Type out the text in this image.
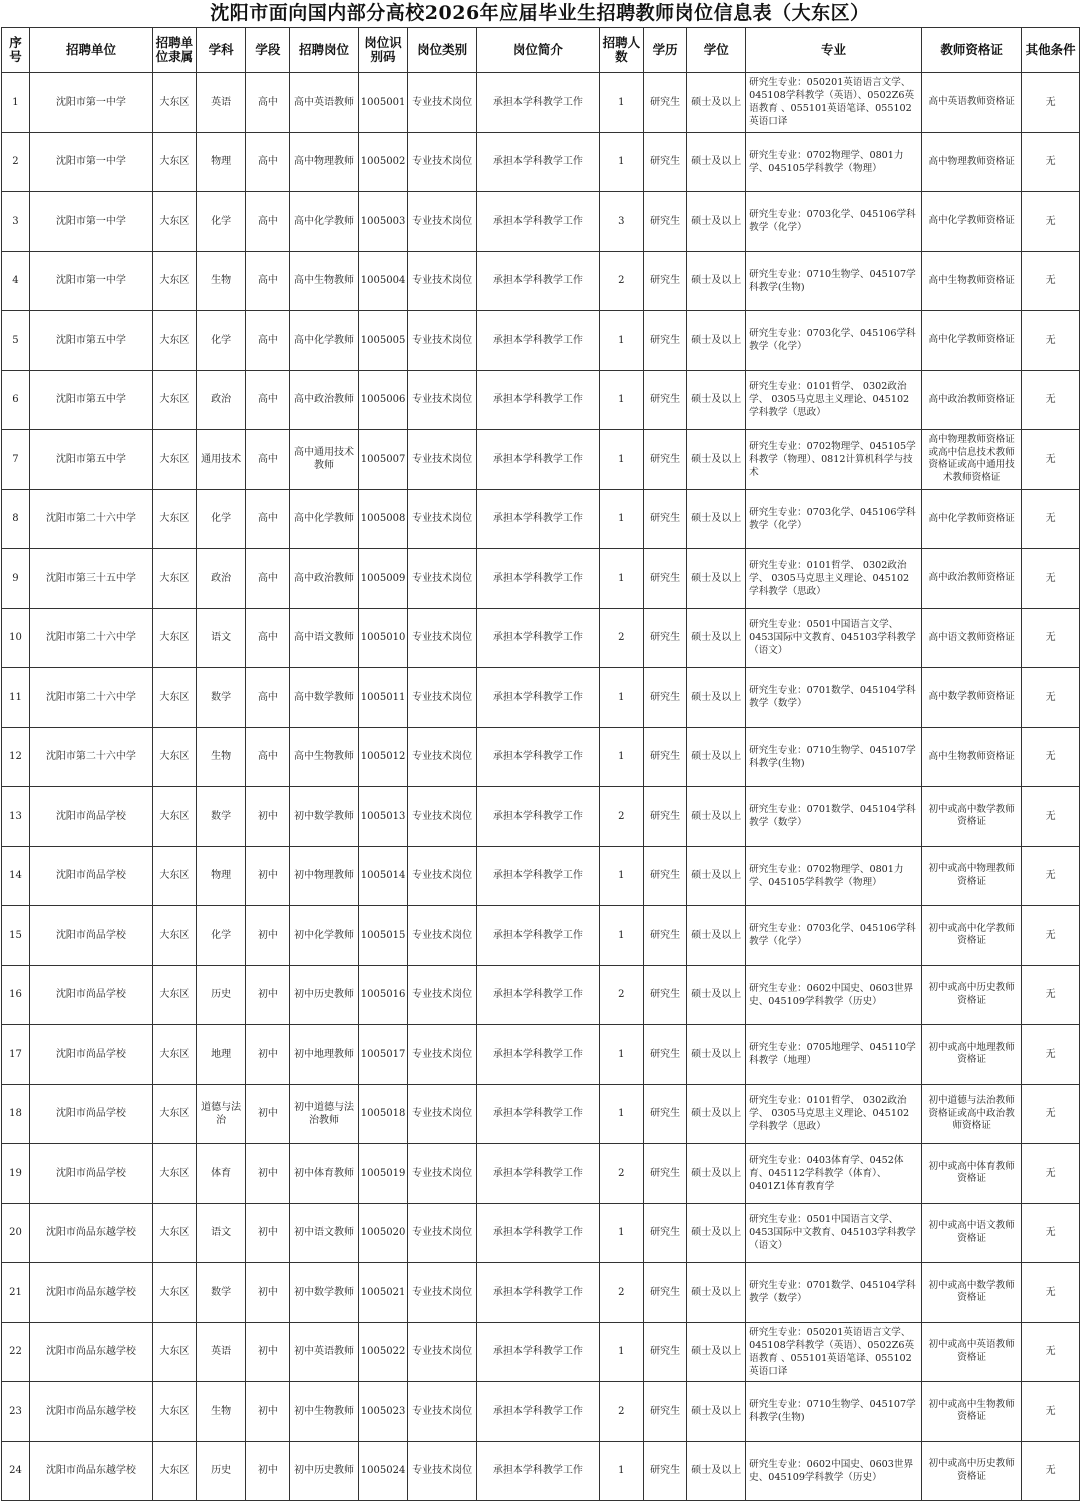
沈阳市面向国内部分高校2026年应届毕业生招聘教师岗位信息表（大东区）
序号	招聘单位	招聘单位隶属	学科	学段	招聘岗位	岗位识别码	岗位类别	岗位简介	招聘人数	学历	学位	专业	教师资格证	其他条件
1	沈阳市第一中学	大东区	英语	高中	高中英语教师	1005001	专业技术岗位	承担本学科教学工作	1	研究生	硕士及以上	研究生专业：050201英语语言文学、045108学科教学（英语）、0502Z6英语教育 、055101英语笔译、055102英语口译	高中英语教师资格证	无
2	沈阳市第一中学	大东区	物理	高中	高中物理教师	1005002	专业技术岗位	承担本学科教学工作	1	研究生	硕士及以上	研究生专业：0702物理学、0801力学、045105学科教学（物理）	高中物理教师资格证	无
3	沈阳市第一中学	大东区	化学	高中	高中化学教师	1005003	专业技术岗位	承担本学科教学工作	3	研究生	硕士及以上	研究生专业：0703化学、045106学科教学（化学）	高中化学教师资格证	无
4	沈阳市第一中学	大东区	生物	高中	高中生物教师	1005004	专业技术岗位	承担本学科教学工作	2	研究生	硕士及以上	研究生专业：0710生物学、045107学科教学(生物)	高中生物教师资格证	无
5	沈阳市第五中学	大东区	化学	高中	高中化学教师	1005005	专业技术岗位	承担本学科教学工作	1	研究生	硕士及以上	研究生专业：0703化学、045106学科教学（化学）	高中化学教师资格证	无
6	沈阳市第五中学	大东区	政治	高中	高中政治教师	1005006	专业技术岗位	承担本学科教学工作	1	研究生	硕士及以上	研究生专业：0101哲学、 0302政治学、 0305马克思主义理论、045102学科教学（思政）	高中政治教师资格证	无
7	沈阳市第五中学	大东区	通用技术	高中	高中通用技术教师	1005007	专业技术岗位	承担本学科教学工作	1	研究生	硕士及以上	研究生专业：0702物理学、045105学科教学（物理）、0812计算机科学与技术	高中物理教师资格证或高中信息技术教师资格证或高中通用技术教师资格证	无
8	沈阳市第二十六中学	大东区	化学	高中	高中化学教师	1005008	专业技术岗位	承担本学科教学工作	1	研究生	硕士及以上	研究生专业：0703化学、045106学科教学（化学）	高中化学教师资格证	无
9	沈阳市第三十五中学	大东区	政治	高中	高中政治教师	1005009	专业技术岗位	承担本学科教学工作	1	研究生	硕士及以上	研究生专业：0101哲学、 0302政治学、 0305马克思主义理论、045102学科教学（思政）	高中政治教师资格证	无
10	沈阳市第二十六中学	大东区	语文	高中	高中语文教师	1005010	专业技术岗位	承担本学科教学工作	2	研究生	硕士及以上	研究生专业：0501中国语言文学、0453国际中文教育、045103学科教学（语文）	高中语文教师资格证	无
11	沈阳市第二十六中学	大东区	数学	高中	高中数学教师	1005011	专业技术岗位	承担本学科教学工作	1	研究生	硕士及以上	研究生专业：0701数学、045104学科教学（数学）	高中数学教师资格证	无
12	沈阳市第二十六中学	大东区	生物	高中	高中生物教师	1005012	专业技术岗位	承担本学科教学工作	1	研究生	硕士及以上	研究生专业：0710生物学、045107学科教学(生物)	高中生物教师资格证	无
13	沈阳市尚品学校	大东区	数学	初中	初中数学教师	1005013	专业技术岗位	承担本学科教学工作	2	研究生	硕士及以上	研究生专业：0701数学、045104学科教学（数学）	初中或高中数学教师资格证	无
14	沈阳市尚品学校	大东区	物理	初中	初中物理教师	1005014	专业技术岗位	承担本学科教学工作	1	研究生	硕士及以上	研究生专业：0702物理学、0801力学、045105学科教学（物理）	初中或高中物理教师资格证	无
15	沈阳市尚品学校	大东区	化学	初中	初中化学教师	1005015	专业技术岗位	承担本学科教学工作	1	研究生	硕士及以上	研究生专业：0703化学、045106学科教学（化学）	初中或高中化学教师资格证	无
16	沈阳市尚品学校	大东区	历史	初中	初中历史教师	1005016	专业技术岗位	承担本学科教学工作	2	研究生	硕士及以上	研究生专业：0602中国史、0603世界史、045109学科教学（历史）	初中或高中历史教师资格证	无
17	沈阳市尚品学校	大东区	地理	初中	初中地理教师	1005017	专业技术岗位	承担本学科教学工作	1	研究生	硕士及以上	研究生专业：0705地理学、045110学科教学（地理）	初中或高中地理教师资格证	无
18	沈阳市尚品学校	大东区	道德与法治	初中	初中道德与法治教师	1005018	专业技术岗位	承担本学科教学工作	1	研究生	硕士及以上	研究生专业：0101哲学、 0302政治学、 0305马克思主义理论、045102学科教学（思政）	初中道德与法治教师资格证或高中政治教师资格证	无
19	沈阳市尚品学校	大东区	体育	初中	初中体育教师	1005019	专业技术岗位	承担本学科教学工作	2	研究生	硕士及以上	研究生专业：0403体育学、0452体育、045112学科教学（体育）、0401Z1体育教育学	初中或高中体育教师资格证	无
20	沈阳市尚品东越学校	大东区	语文	初中	初中语文教师	1005020	专业技术岗位	承担本学科教学工作	1	研究生	硕士及以上	研究生专业：0501中国语言文学、0453国际中文教育、045103学科教学（语文）	初中或高中语文教师资格证	无
21	沈阳市尚品东越学校	大东区	数学	初中	初中数学教师	1005021	专业技术岗位	承担本学科教学工作	2	研究生	硕士及以上	研究生专业：0701数学、045104学科教学（数学）	初中或高中数学教师资格证	无
22	沈阳市尚品东越学校	大东区	英语	初中	初中英语教师	1005022	专业技术岗位	承担本学科教学工作	1	研究生	硕士及以上	研究生专业：050201英语语言文学、045108学科教学（英语）、0502Z6英语教育 、055101英语笔译、055102英语口译	初中或高中英语教师资格证	无
23	沈阳市尚品东越学校	大东区	生物	初中	初中生物教师	1005023	专业技术岗位	承担本学科教学工作	2	研究生	硕士及以上	研究生专业：0710生物学、045107学科教学(生物)	初中或高中生物教师资格证	无
24	沈阳市尚品东越学校	大东区	历史	初中	初中历史教师	1005024	专业技术岗位	承担本学科教学工作	1	研究生	硕士及以上	研究生专业：0602中国史、0603世界史、045109学科教学（历史）	初中或高中历史教师资格证	无
